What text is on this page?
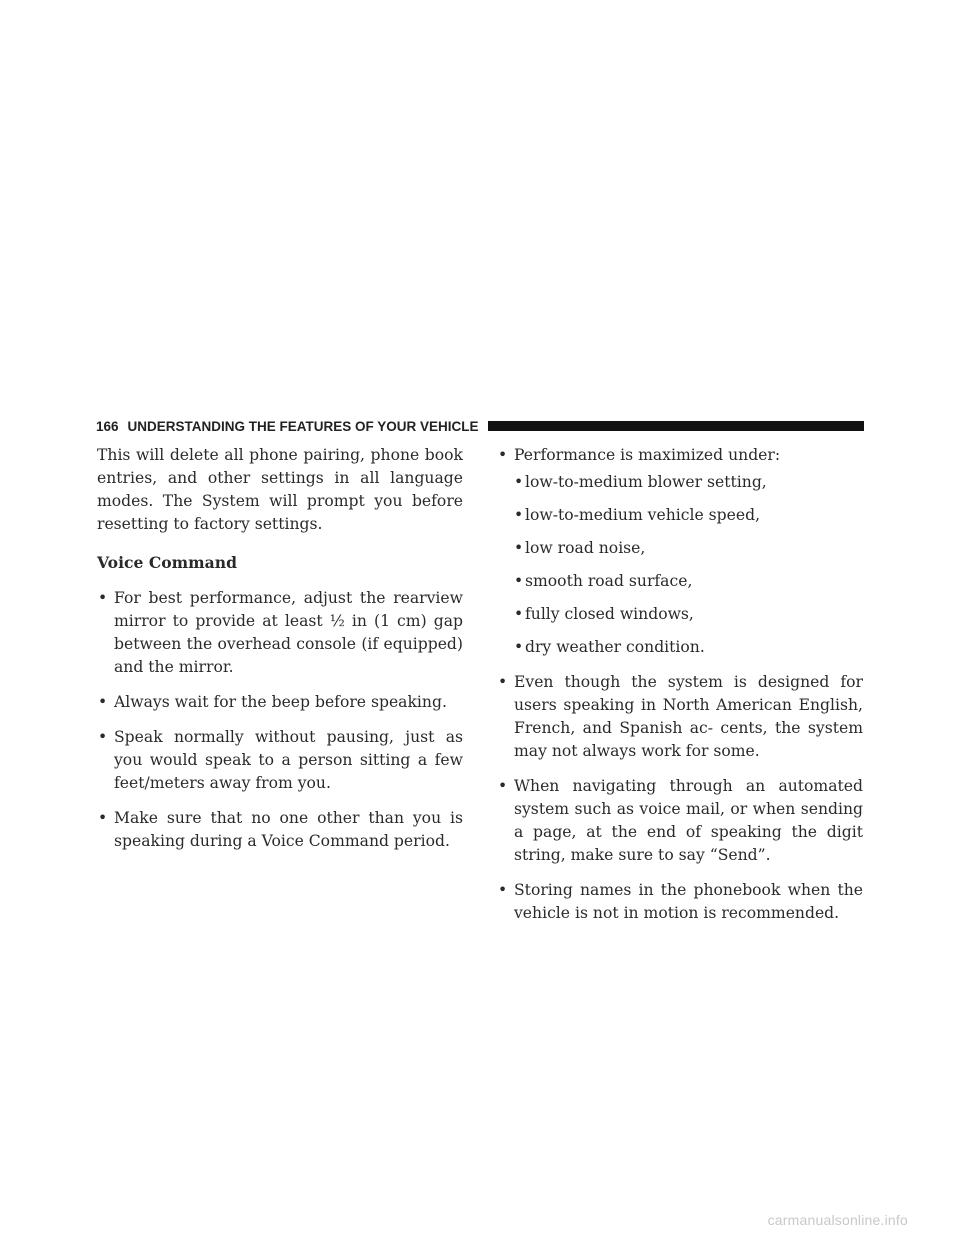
166 UNDERSTANDING THE FEATURES OF YOUR VEHICLE

This will delete all phone pairing, phone book entries, and other settings in all language modes. The System will prompt you before resetting to factory settings.

Voice Command
• For best performance, adjust the rearview mirror to provide at least ½ in (1 cm) gap between the overhead console (if equipped) and the mirror.
• Always wait for the beep before speaking.
• Speak normally without pausing, just as you would speak to a person sitting a few feet/meters away from you.
• Make sure that no one other than you is speaking during a Voice Command period.
• Performance is maximized under:
• low-to-medium blower setting,
• low-to-medium vehicle speed,
• low road noise,
• smooth road surface,
• fully closed windows,
• dry weather condition.
• Even though the system is designed for users speaking in North American English, French, and Spanish ac- cents, the system may not always work for some.
• When navigating through an automated system such as voice mail, or when sending a page, at the end of speaking the digit string, make sure to say “Send”.
• Storing names in the phonebook when the vehicle is not in motion is recommended.
carmanualsonline.info
